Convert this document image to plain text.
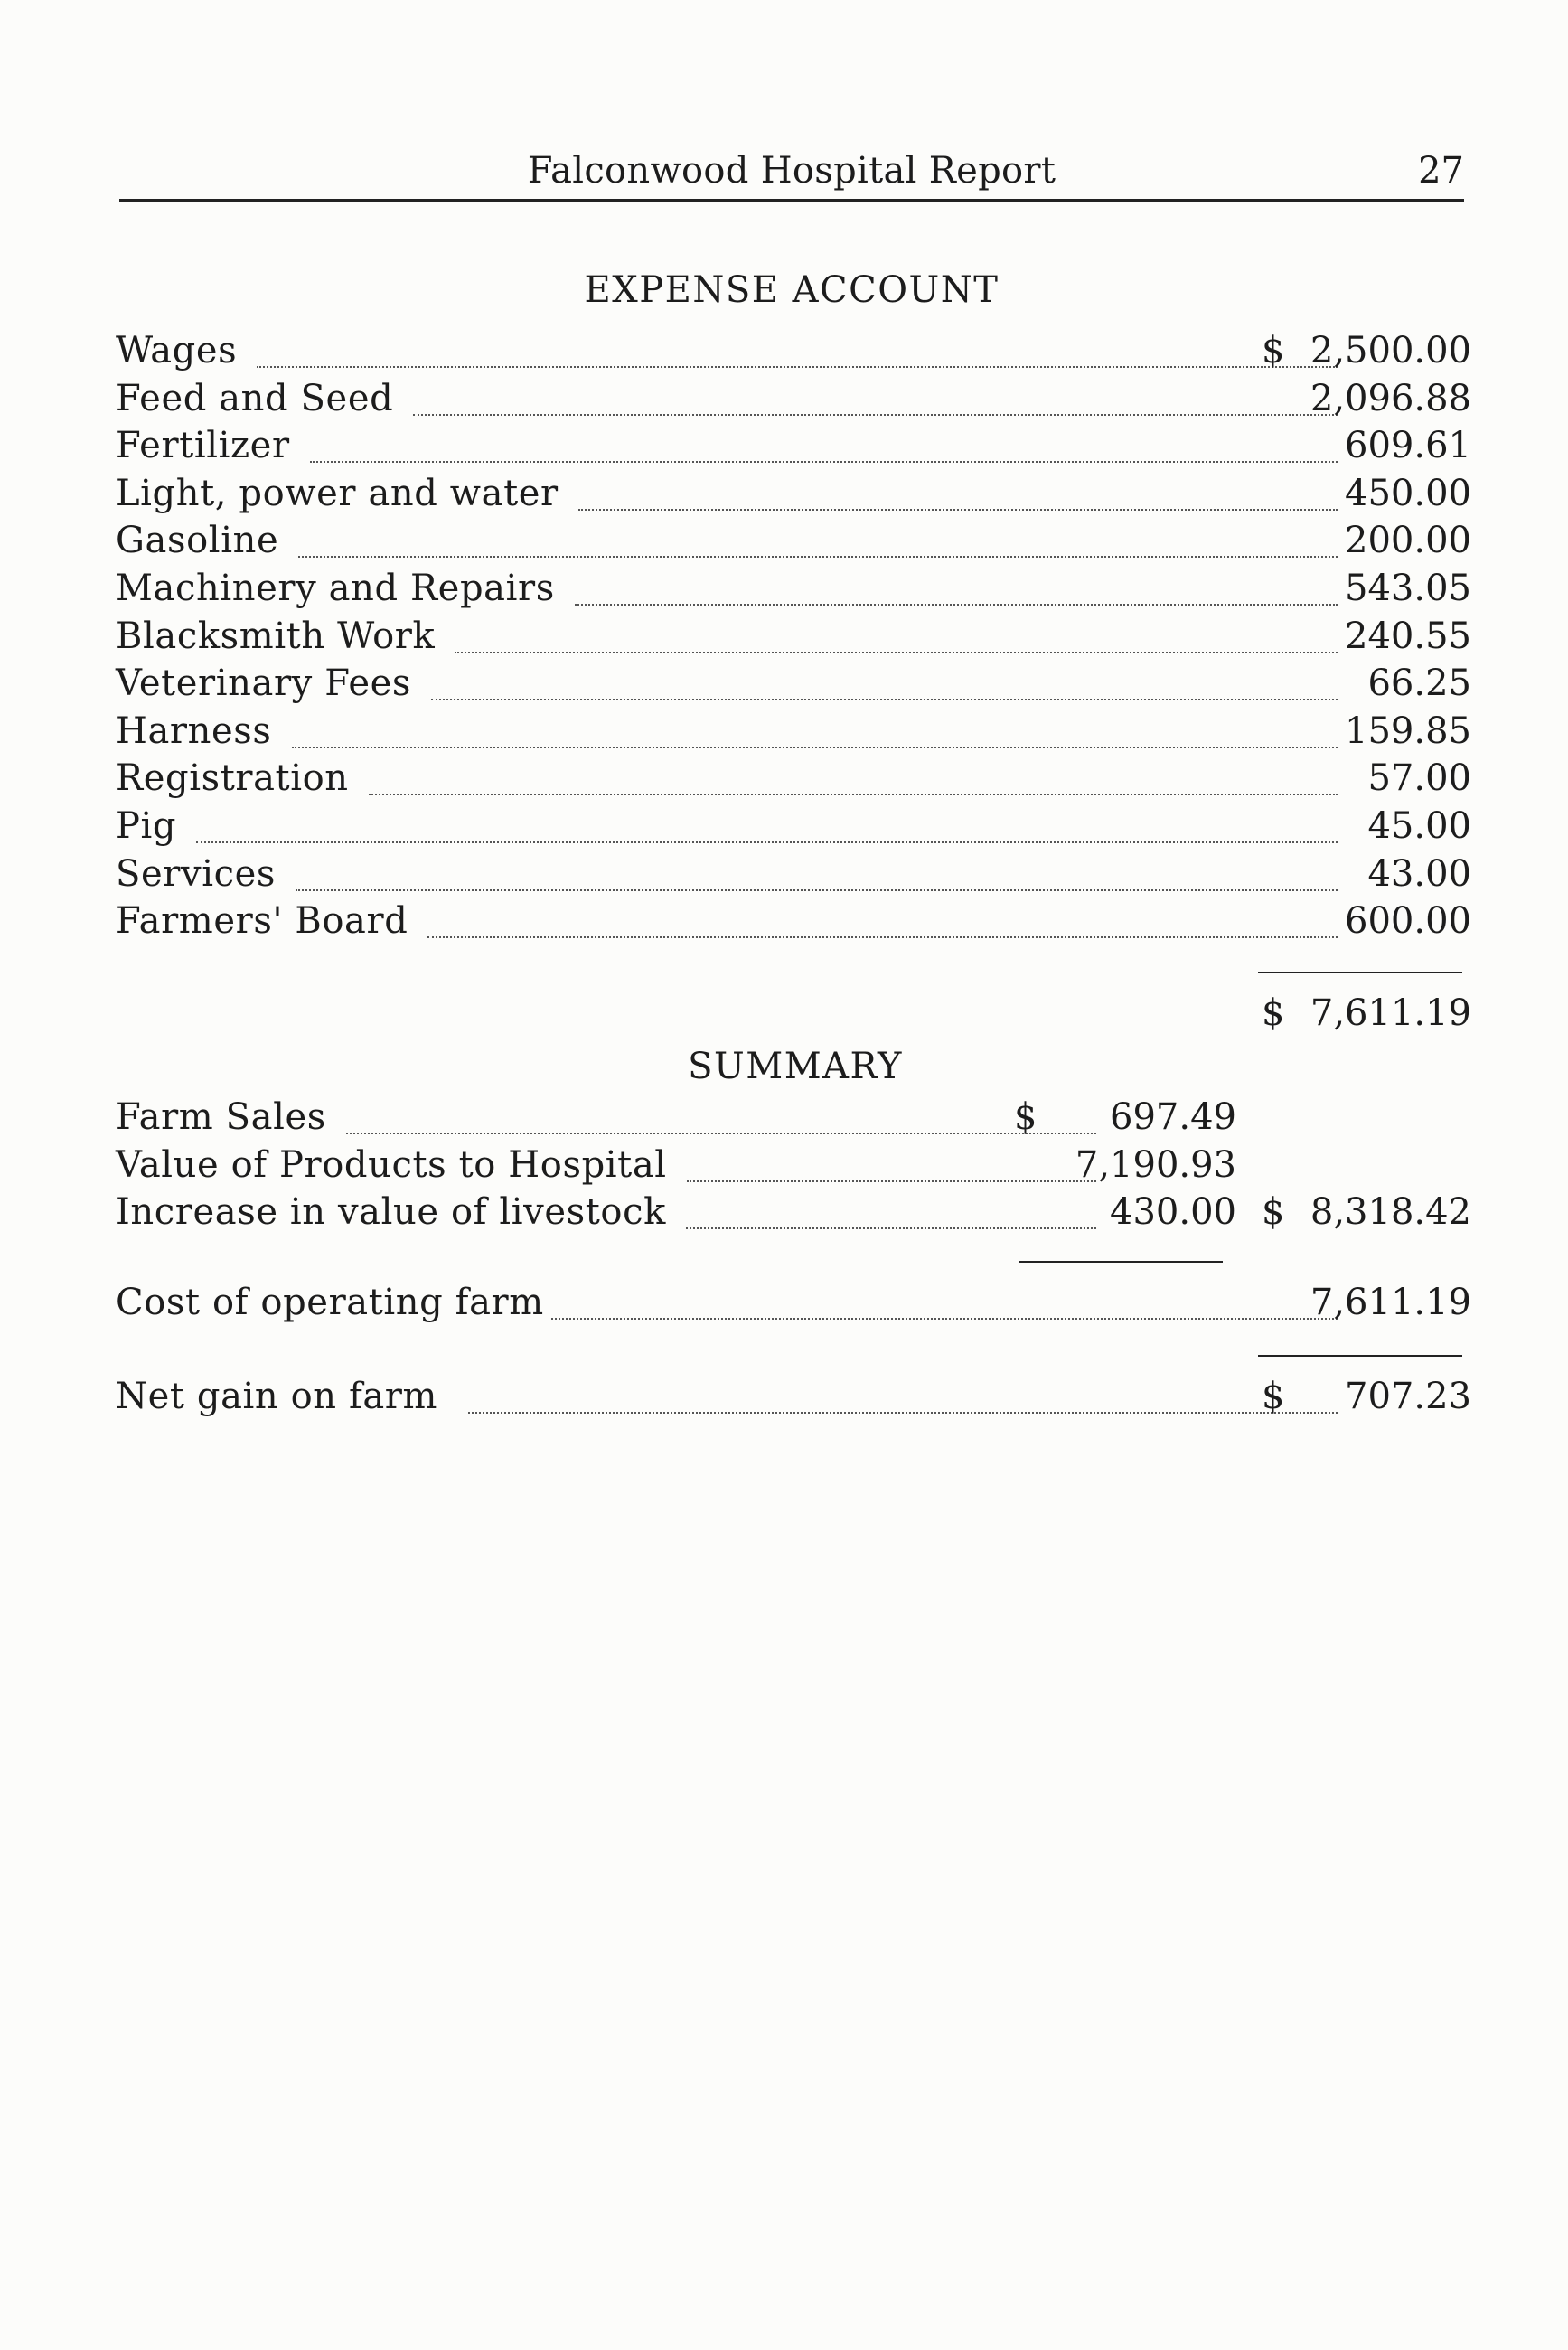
Falconwood Hospital Report	27
EXPENSE ACCOUNT
Wages	$ 2,500.00
Feed and Seed	2,096.88
Fertilizer	609.61
Light, power and water	450.00
Gasoline	200.00
Machinery and Repairs	543.05
Blacksmith Work	240.55
Veterinary Fees	66.25
Harness	159.85
Registration	57.00
Pig	45.00
Services	43.00
Farmers' Board	600.00
$ 7,611.19
SUMMARY
Farm Sales	$	697.49
Value of Products to Hospital	7,190.93
Increase in value of livestock	430.00 $ 8,318.42
Cost of operating farm	7,611.19
Net gain on farm	$	707.23
